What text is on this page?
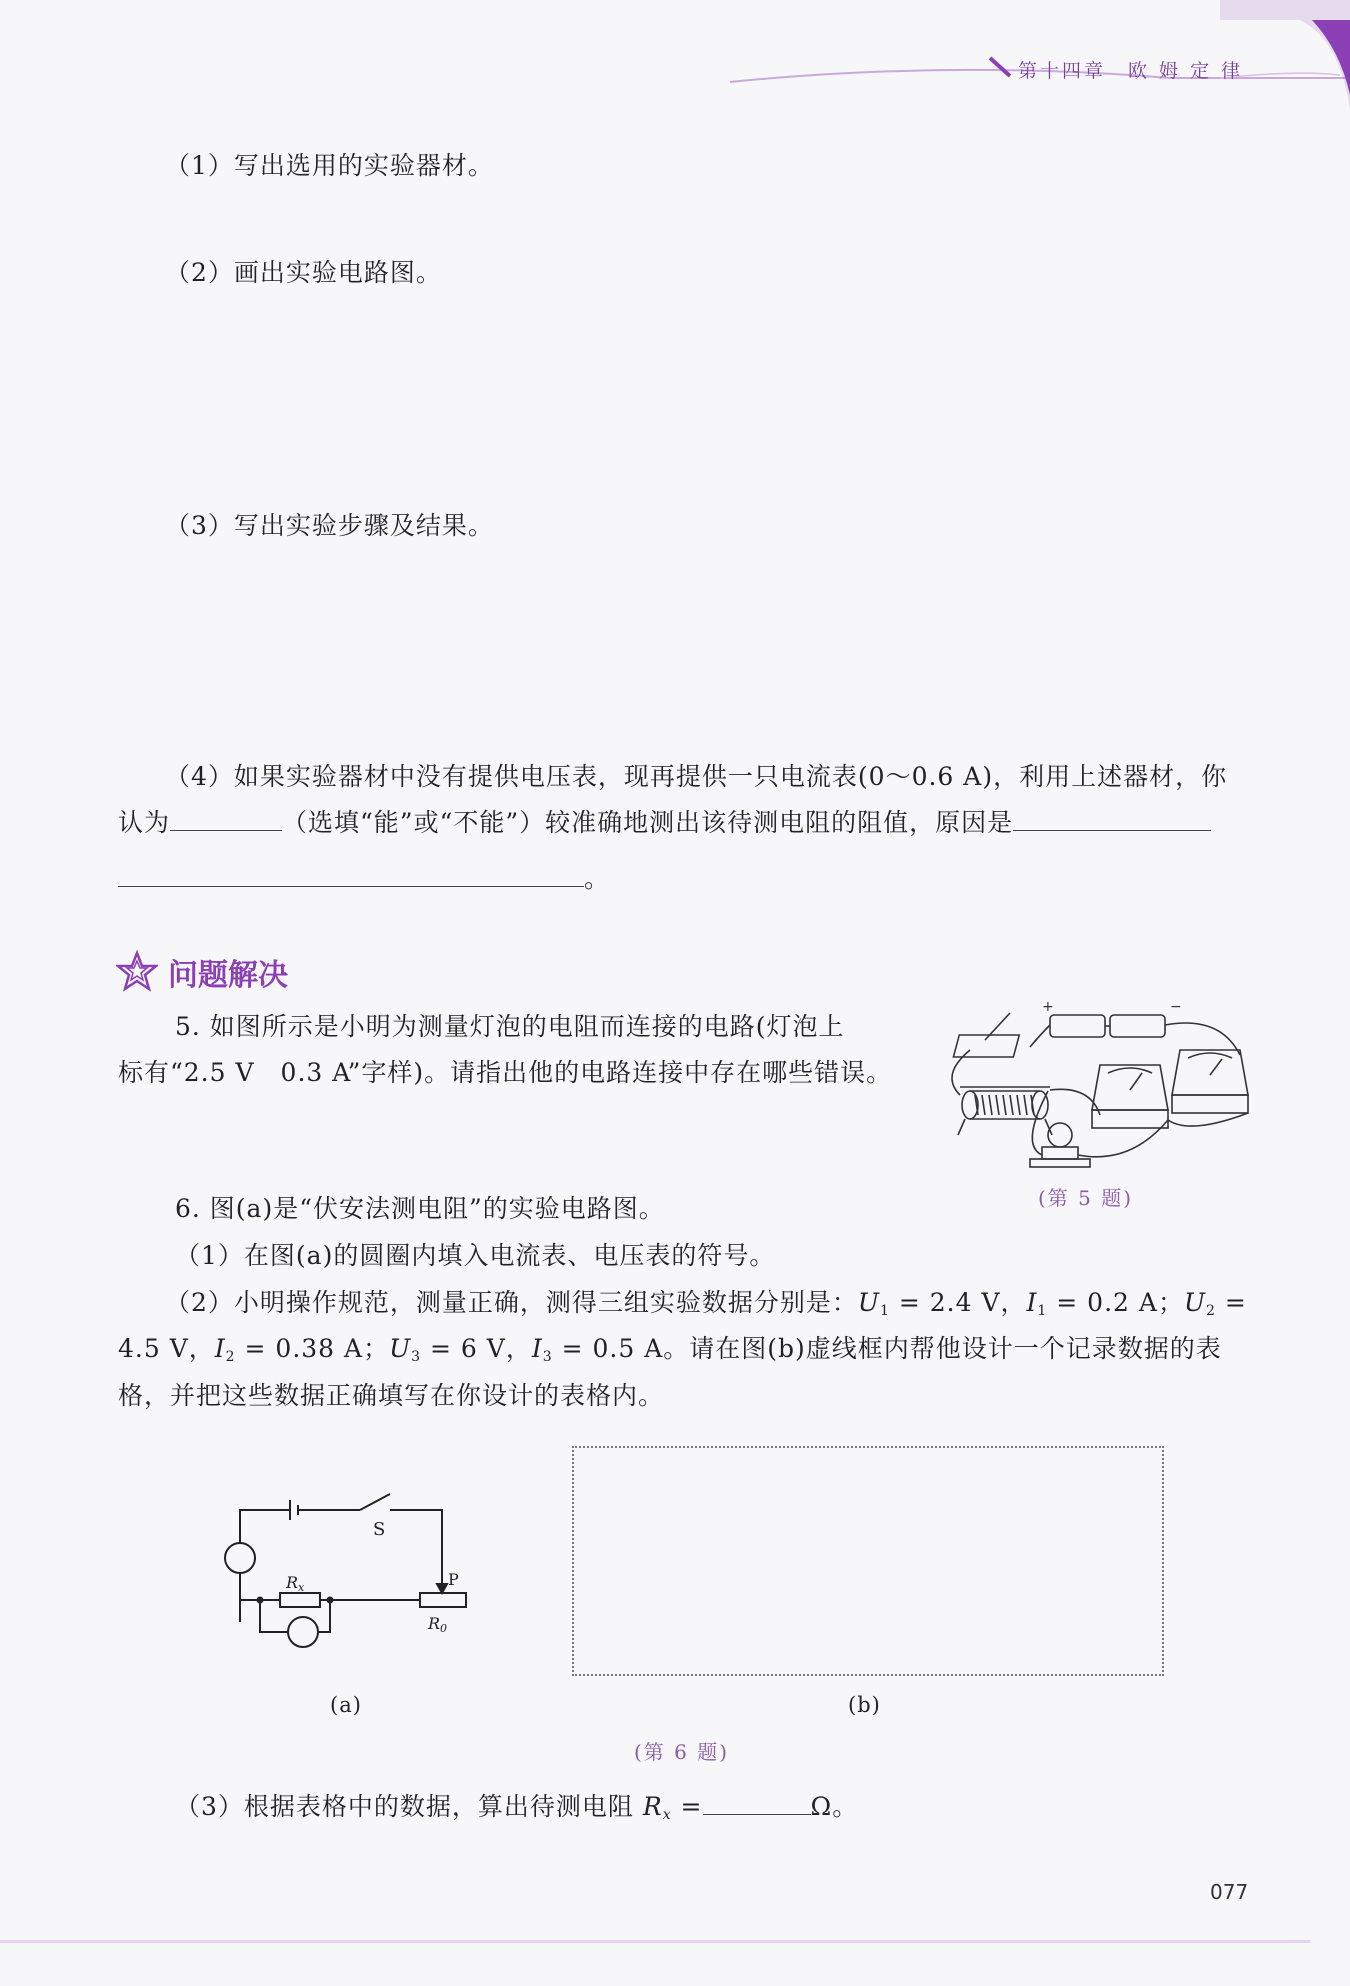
第十四章　欧 姆 定 律
（1）写出选用的实验器材。
（2）画出实验电路图。
（3）写出实验步骤及结果。
（4）如果实验器材中没有提供电压表，现再提供一只电流表(0～0.6 A)，利用上述器材，你
认为	（选填“能”或“不能”）较准确地测出该待测电阻的阻值，原因是
。
问题解决
5. 如图所示是小明为测量灯泡的电阻而连接的电路(灯泡上
标有“2.5 V　0.3 A”字样)。请指出他的电路连接中存在哪些错误。
+	−
(第 5 题)
6. 图(a)是“伏安法测电阻”的实验电路图。
（1）在图(a)的圆圈内填入电流表、电压表的符号。
（2）小明操作规范，测量正确，测得三组实验数据分别是：$U_1 = 2.4$ V，$I_1 = 0.2$ A；$U_2$ =
4.5 V，$I_2 = 0.38$ A；$U_3 = 6$ V，$I_3 = 0.5$ A。请在图(b)虚线框内帮他设计一个记录数据的表
格，并把这些数据正确填写在你设计的表格内。
S
P
Rx
R0
(a)	(b)
(第 6 题)
（3）根据表格中的数据，算出待测电阻 $R_x$ =	Ω。
077
